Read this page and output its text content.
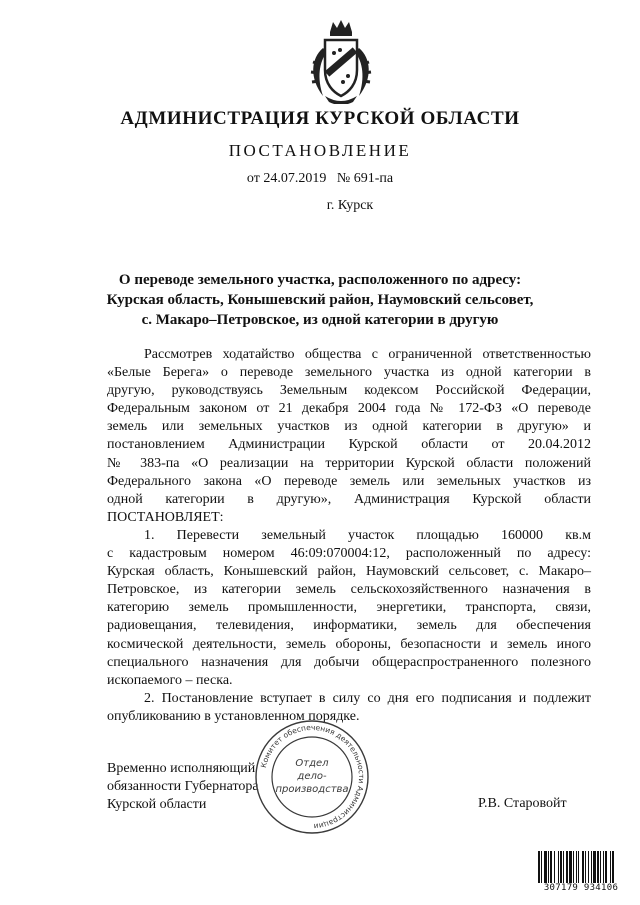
АДМИНИСТРАЦИЯ КУРСКОЙ ОБЛАСТИ
ПОСТАНОВЛЕНИЕ
от 24.07.2019   № 691-па
г. Курск
О переводе земельного участка, расположенного по адресу:
Курская область, Конышевский район, Наумовский сельсовет,
с. Макаро–Петровское, из одной категории в другую
Рассмотрев ходатайство общества с ограниченной ответственностью
«Белые Берега» о переводе земельного участка из одной категории в
другую, руководствуясь Земельным кодексом Российской Федерации,
Федеральным законом от 21 декабря 2004 года № 172-ФЗ «О переводе
земель или земельных участков из одной категории в другую» и
постановлением Администрации Курской области от 20.04.2012
№ 383-па «О реализации на территории Курской области положений
Федерального закона «О переводе земель или земельных участков из
одной категории в другую», Администрация Курской области
ПОСТАНОВЛЯЕТ:
1. Перевести земельный участок площадью 160000 кв.м
с кадастровым номером 46:09:070004:12, расположенный по адресу:
Курская область, Конышевский район, Наумовский сельсовет, с. Макаро–
Петровское, из категории земель сельскохозяйственного назначения в
категорию земель промышленности, энергетики, транспорта, связи,
радиовещания, телевидения, информатики, земель для обеспечения
космической деятельности, земель обороны, безопасности и земель иного
специального назначения для добычи общераспространенного полезного
ископаемого – песка.
2. Постановление вступает в силу со дня его подписания и подлежит
опубликованию в установленном порядке.
Временно исполняющий
обязанности Губернатора
Курской области	Р.В. Старовойт
Комитет обеспечения деятельности Администрации
Отдел
дело-
производства
307179 934106
